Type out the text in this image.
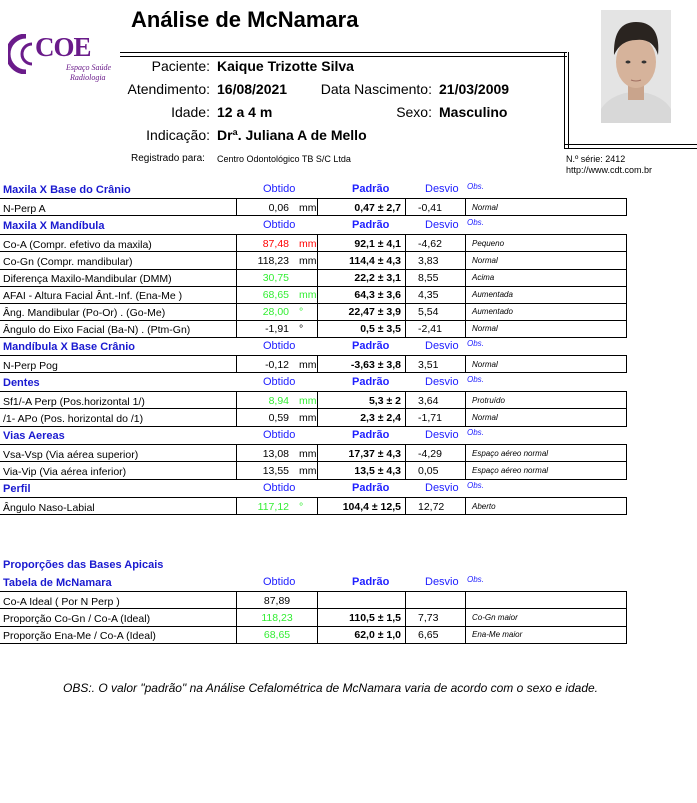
Análise de McNamara
COE
Espaço Saúde
Radiologia
Paciente: Kaique Trizotte Silva
Atendimento: 16/08/2021	Data Nascimento: 21/03/2009
Idade: 12 a 4 m	Sexo: Masculino
Indicação: Drª. Juliana A de Mello
Registrado para: Centro Odontológico TB S/C Ltda	N.º série: 2412
http://www.cdt.com.br
OBS:. O valor "padrão" na Análise Cefalométrica de McNamara varia de acordo com o sexo e idade.
Maxila X Base do Crânio	Obtido	Padrão	Desvio Obs.
N-Perp A	0,06 mm	0,47 ± 2,7	-0,41	Normal
Maxila X Mandíbula	Obtido	Padrão	Desvio Obs.
Co-A (Compr. efetivo da maxila)	87,48 mm	92,1 ± 4,1	-4,62	Pequeno
Co-Gn (Compr. mandibular)	118,23 mm	114,4 ± 4,3	3,83	Normal
Diferença Maxilo-Mandibular (DMM)	30,75	22,2 ± 3,1	8,55	Acima
AFAI - Altura Facial Ânt.-Inf. (Ena-Me )	68,65 mm	64,3 ± 3,6	4,35	Aumentada
Âng. Mandibular (Po-Or) . (Go-Me)	28,00 °	22,47 ± 3,9	5,54	Aumentado
Ângulo do Eixo Facial (Ba-N) . (Ptm-Gn)	-1,91 °	0,5 ± 3,5	-2,41	Normal
Mandíbula X Base Crânio	Obtido	Padrão	Desvio Obs.
N-Perp Pog	-0,12 mm	-3,63 ± 3,8	3,51	Normal
Dentes	Obtido	Padrão	Desvio Obs.
Sf1/-A Perp (Pos.horizontal 1/)	8,94 mm	5,3 ± 2	3,64	Protruído
/1- APo (Pos. horizontal do /1)	0,59 mm	2,3 ± 2,4	-1,71	Normal
Vias Aereas	Obtido	Padrão	Desvio Obs.
Vsa-Vsp (Via aérea superior)	13,08 mm	17,37 ± 4,3	-4,29	Espaço aéreo normal
Via-Vip (Via aérea inferior)	13,55 mm	13,5 ± 4,3	0,05	Espaço aéreo normal
Perfil	Obtido	Padrão	Desvio Obs.
Ângulo Naso-Labial	117,12 °	104,4 ± 12,5	12,72	Aberto
Proporções das Bases Apicais
Tabela de McNamara	Obtido	Padrão	Desvio Obs.
Co-A Ideal ( Por N Perp )	87,89
Proporção Co-Gn / Co-A (Ideal)	118,23	110,5 ± 1,5	7,73	Co-Gn maior
Proporção Ena-Me / Co-A (Ideal)	68,65	62,0 ± 1,0	6,65	Ena-Me maior
